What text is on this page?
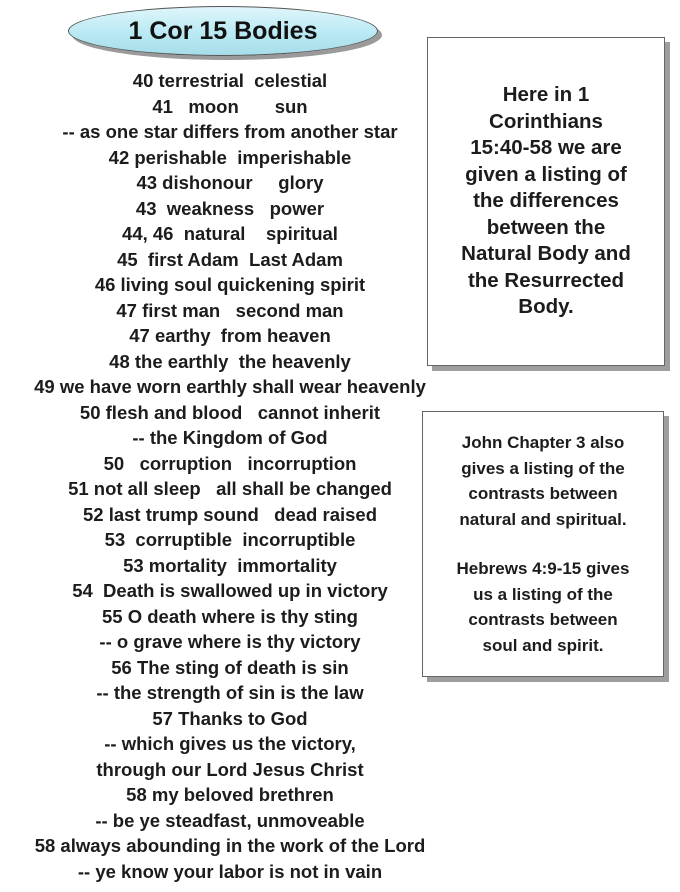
1 Cor 15 Bodies
40 terrestrial  celestial
41   moon       sun
-- as one star differs from another star
42 perishable  imperishable
43 dishonour     glory
43  weakness   power
44, 46  natural    spiritual
45  first Adam  Last Adam
46 living soul quickening spirit
47 first man   second man
47 earthy  from heaven
48 the earthly  the heavenly
49 we have worn earthly shall wear heavenly
50 flesh and blood   cannot inherit
-- the Kingdom of God
50   corruption   incorruption
51 not all sleep   all shall be changed
52 last trump sound   dead raised
53  corruptible  incorruptible
53 mortality  immortality
54  Death is swallowed up in victory
55 O death where is thy sting
-- o grave where is thy victory
56 The sting of death is sin
-- the strength of sin is the law
57 Thanks to God
-- which gives us the victory,
through our Lord Jesus Christ
58 my beloved brethren
-- be ye steadfast, unmoveable
58 always abounding in the work of the Lord
-- ye know your labor is not in vain
Here in 1
Corinthians
15:40-58 we are
given a listing of
the differences
between the
Natural Body and
the Resurrected
Body.
John Chapter 3 also
gives a listing of the
contrasts between
natural and spiritual.
Hebrews 4:9-15 gives
us a listing of the
contrasts between
soul and spirit.
